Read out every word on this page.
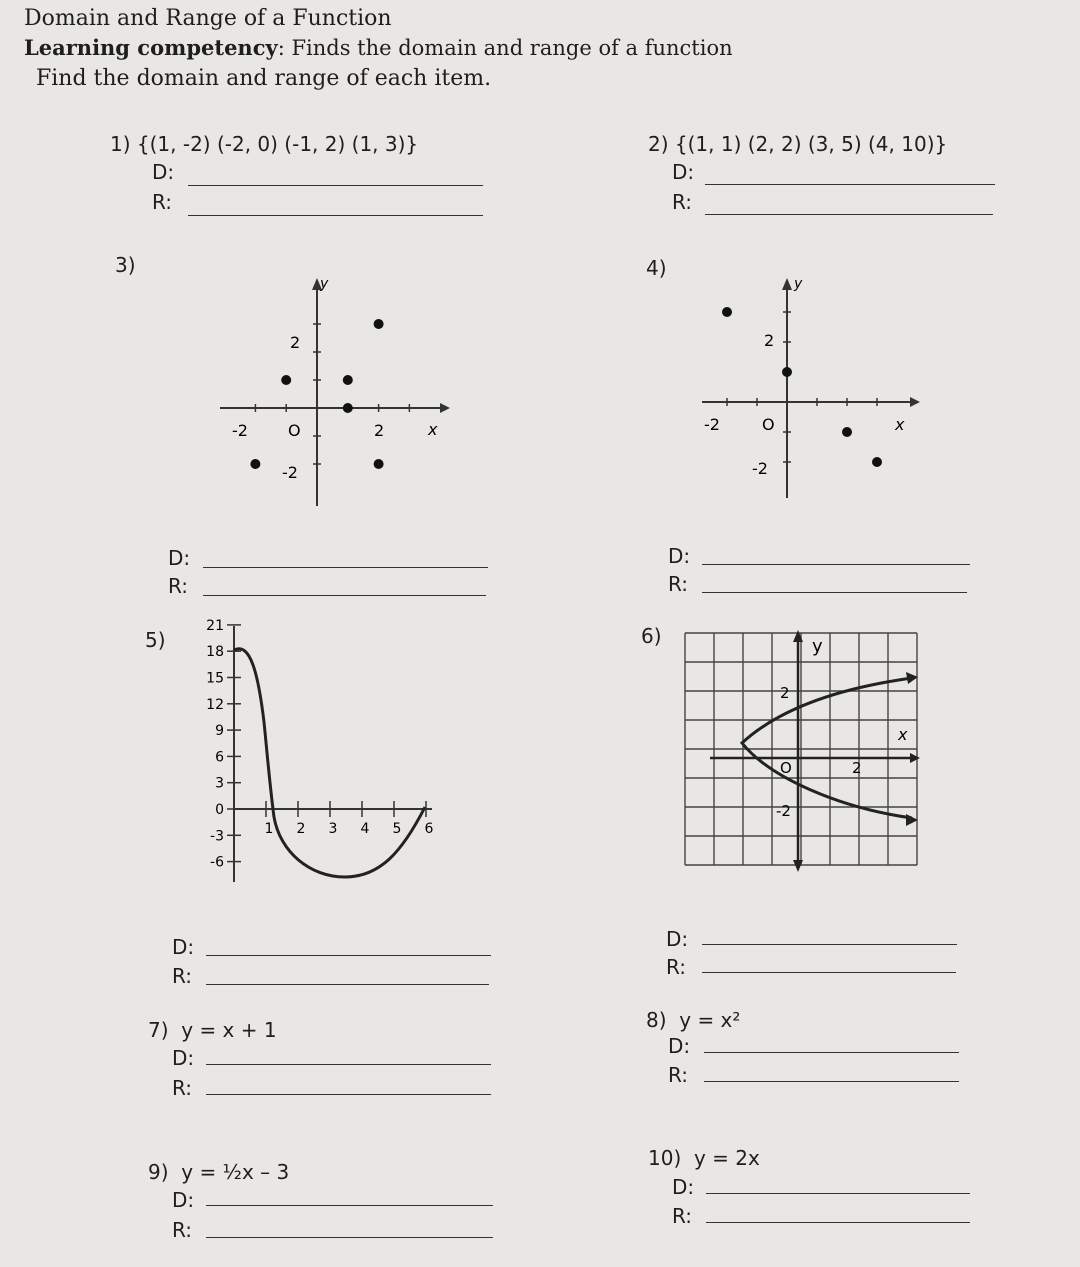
Domain and Range of a Function
Learning competency: Finds the domain and range of a function
Find the domain and range of each item.
1) {(1, -2) (-2, 0) (-1, 2) (1, 3)}
D:
R:
2) {(1, 1) (2, 2) (3, 5) (4, 10)}
D:
R:
3)
y
x
-2	O	2
2
-2
D:
R:
4)
y
x
-2	O
2
-2
D:
R:
5)
21
18
15
12
9
6
3
0
-3
-6
1 2 3 4 5 6
D:
R:
6)	y
x
2
O	2
-2
D:
R:
7) y = x + 1
D:
R:
8) y = x²
D:
R:
9) y = ½x – 3
D:
R:
10) y = 2x
D:
R:
